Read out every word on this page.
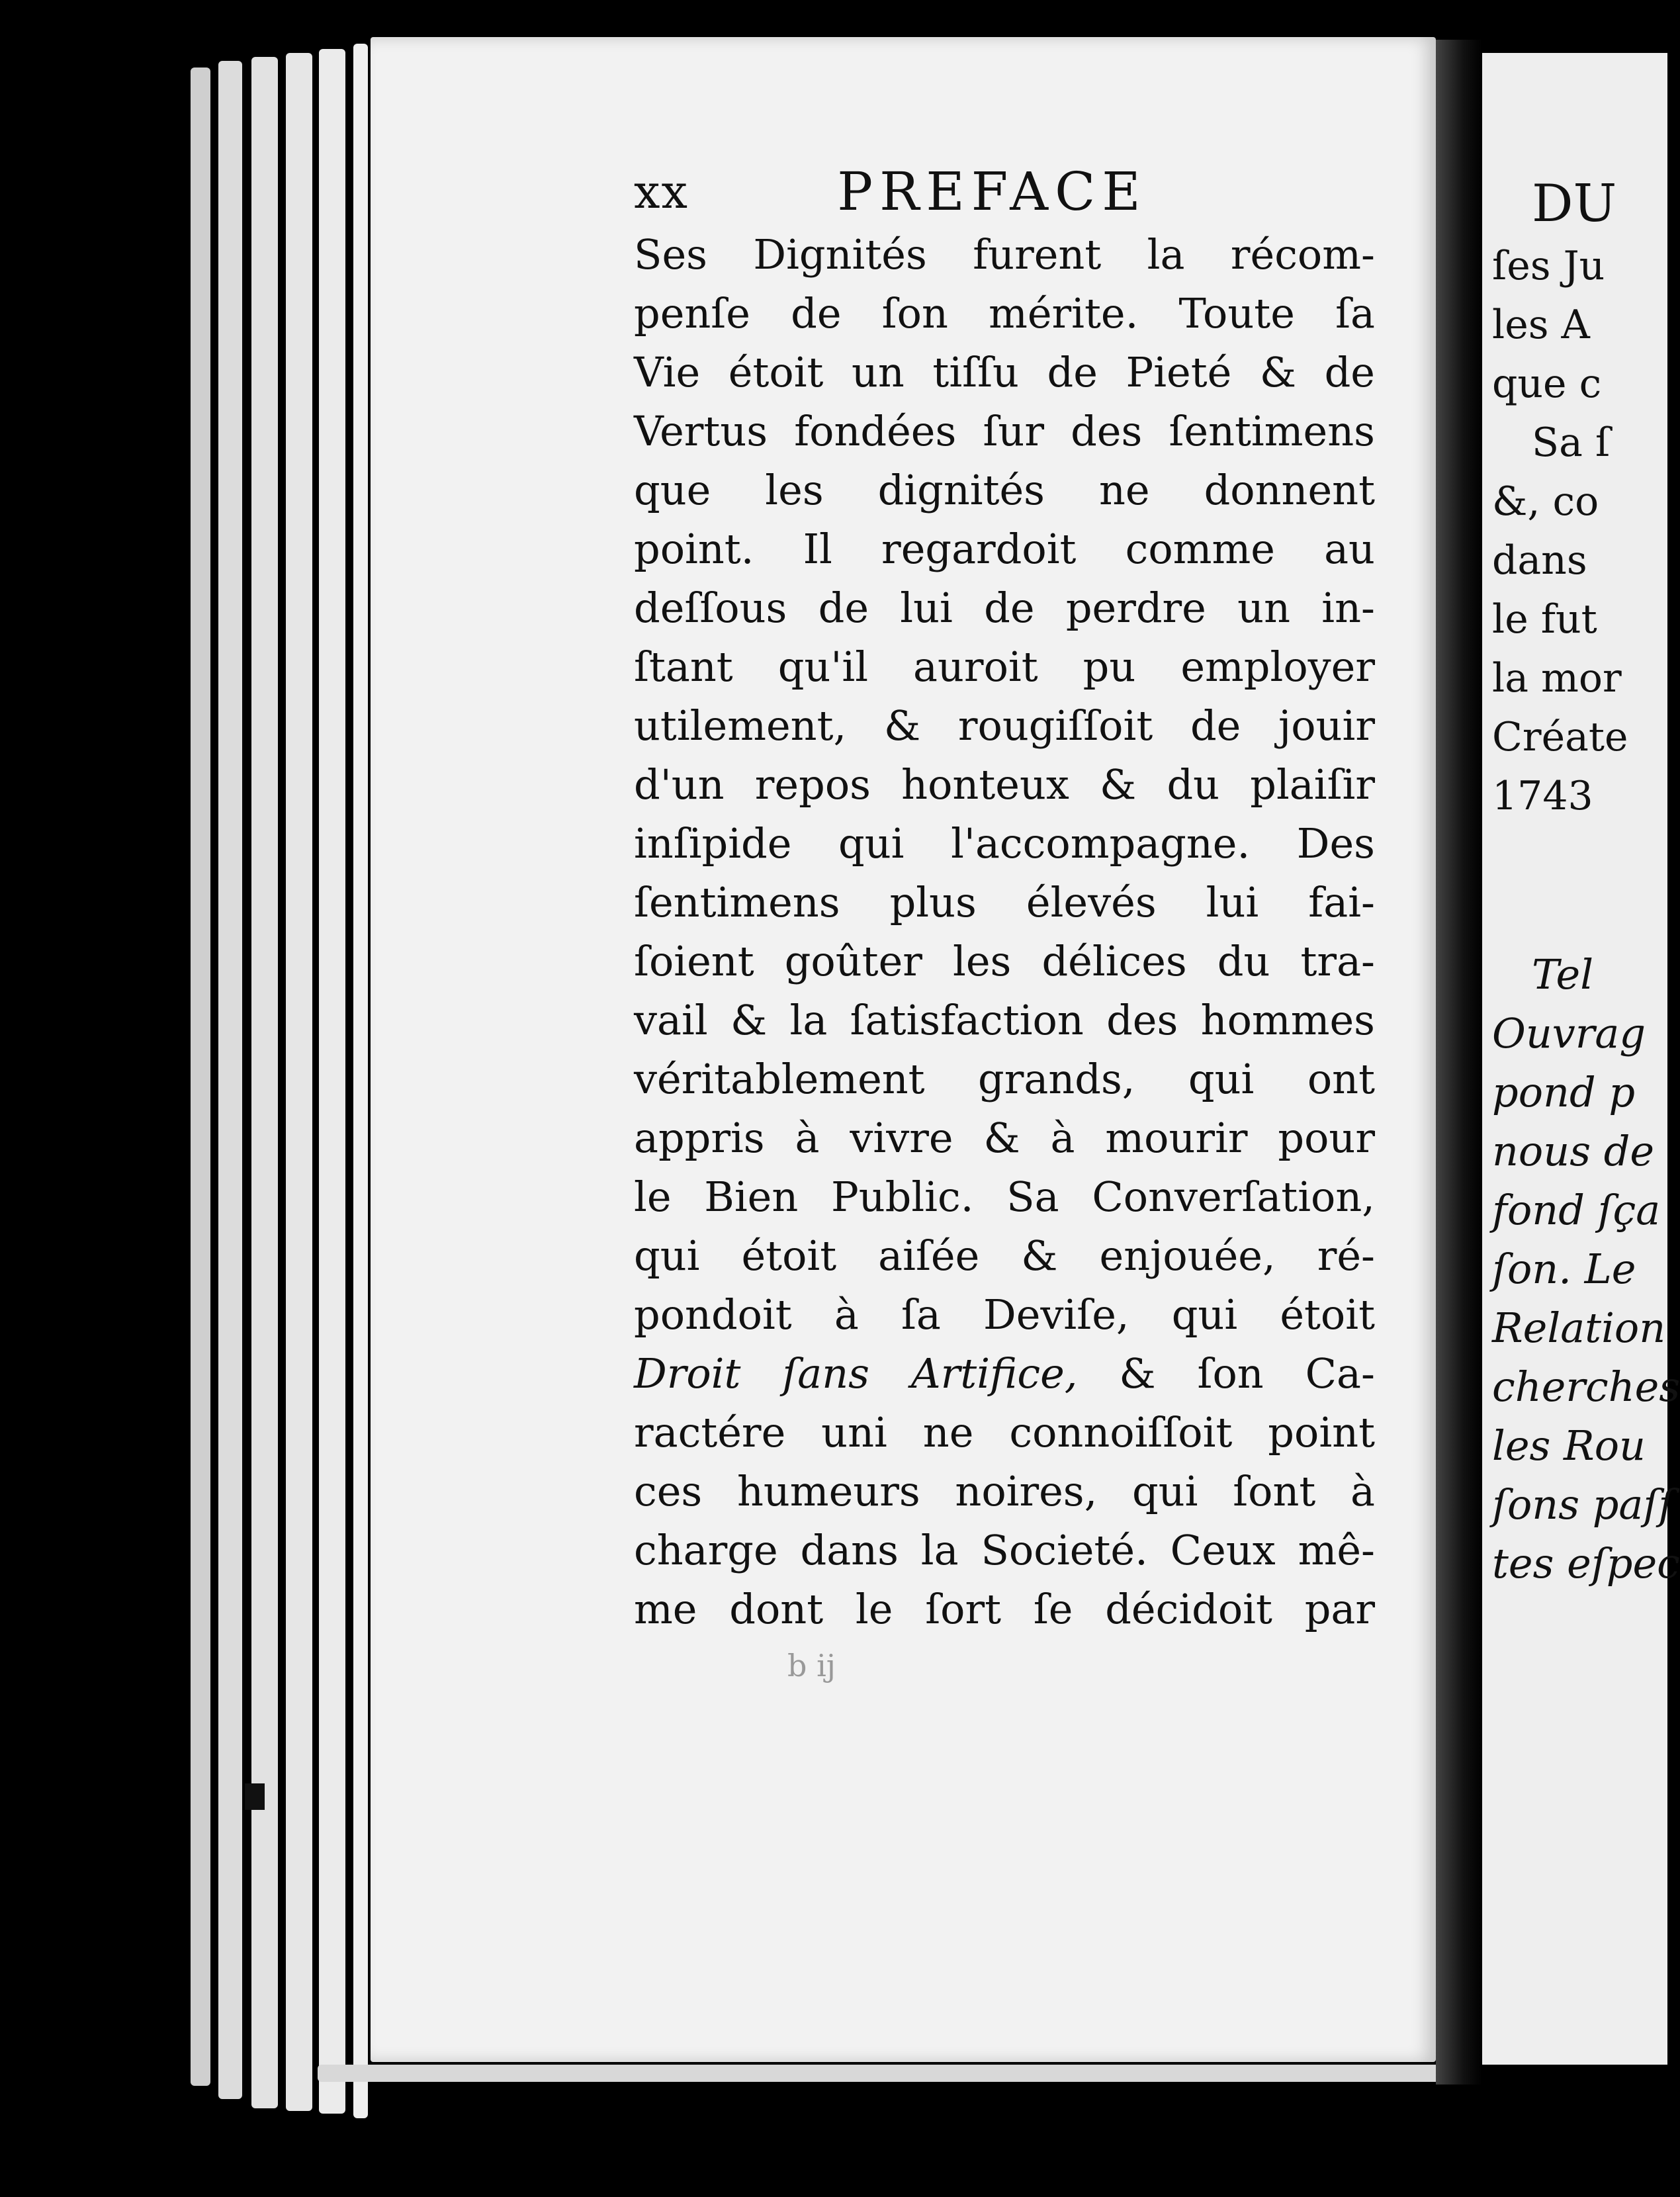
xx	PREFACE
Ses Dignités furent la récom-
penſe de ſon mérite. Toute ſa
Vie étoit un tiſſu de Pieté & de
Vertus fondées ſur des ſentimens
que les dignités ne donnent
point. Il regardoit comme au
deſſous de lui de perdre un in-
ſtant qu'il auroit pu employer
utilement, & rougiſſoit de jouir
d'un repos honteux & du plaiſir
inſipide qui l'accompagne. Des
ſentimens plus élevés lui fai-
ſoient goûter les délices du tra-
vail & la ſatisfaction des hommes
véritablement grands, qui ont
appris à vivre & à mourir pour
le Bien Public. Sa Converſation,
qui étoit aiſée & enjouée, ré-
pondoit à ſa Deviſe, qui étoit
Droit ſans Artifice, & ſon Ca-
ractére uni ne connoiſſoit point
ces humeurs noires, qui ſont à
charge dans la Societé. Ceux mê-
me dont le ſort ſe décidoit par
b ij
DU
ſes Ju
les A
que c
Sa ſ
&, co
dans
le fut
la mor
Créate
1743
Tel
Ouvrag
pond p
nous de
fond ſça
ſon. Le
Relation
cherches
les Rou
ſons paſſ
tes eſpec
